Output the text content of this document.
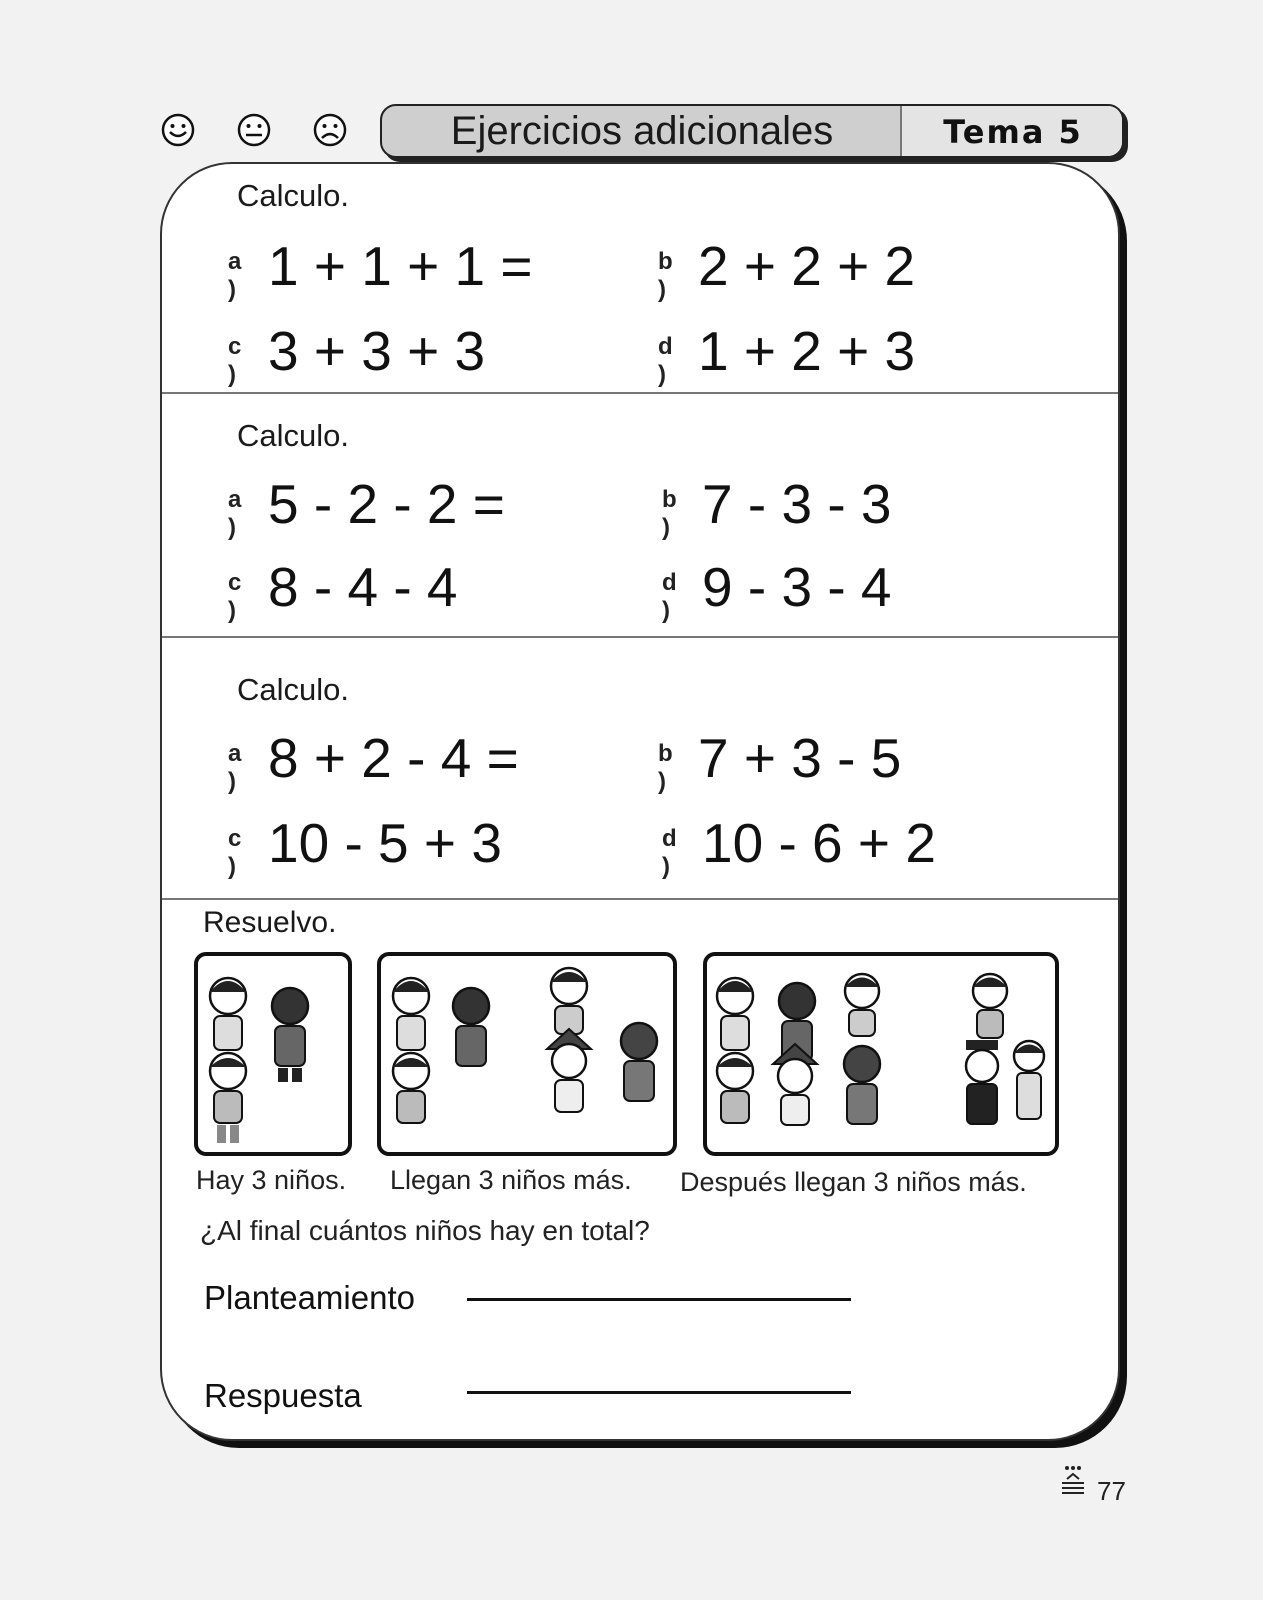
Ejercicios adicionales	Tema 5
Calculo.
a ) 1 + 1 + 1 =	b ) 2 + 2 + 2
c ) 3 + 3 + 3	d ) 1 + 2 + 3
Calculo.
a ) 5 - 2 - 2 =	b ) 7 - 3 - 3
c ) 8 - 4 - 4	d ) 9 - 3 - 4
Calculo.
a ) 8 + 2 - 4 =	b ) 7 + 3 - 5
c ) 10 - 5 + 3	d ) 10 - 6 + 2
Resuelvo.
Hay 3 niños. Llegan 3 niños más. Después llegan 3 niños más.
¿Al final cuántos niños hay en total?
Planteamiento
Respuesta
77
